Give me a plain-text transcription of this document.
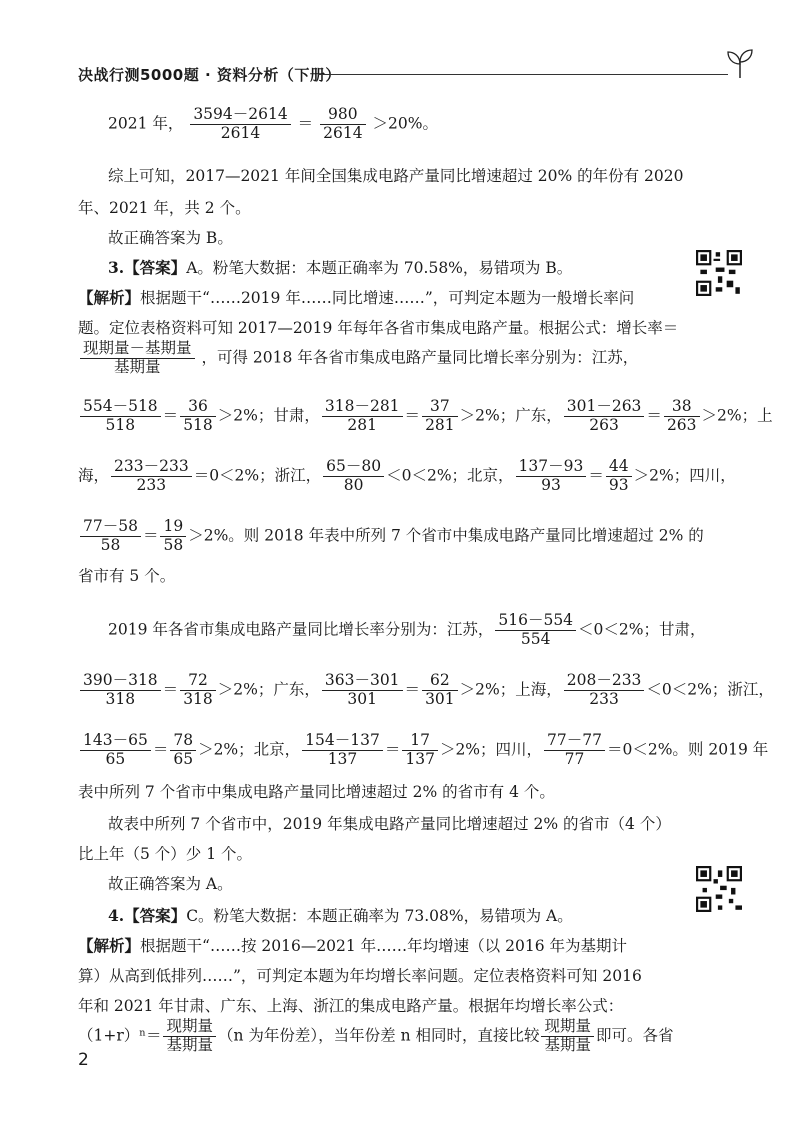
决战行测5000题 · 资料分析（下册）
2021 年， $\frac{3594-2614}{2614} = \frac{980}{2614} >20\%$。
综上可知，2017—2021 年间全国集成电路产量同比增速超过 20% 的年份有 2020
年、2021 年，共 2 个。
故正确答案为 B。
3.【答案】A。粉笔大数据：本题正确率为 70.58%，易错项为 B。
【解析】根据题干“……2019 年……同比增速……”，可判定本题为一般增长率问
题。定位表格资料可知 2017—2019 年每年各省市集成电路产量。根据公式：增长率＝
$\frac{\text{现期量－基期量}}{\text{基期量}}$ ，可得 2018 年各省市集成电路产量同比增长率分别为：江苏，
$\frac{554-518}{518} = \frac{36}{518} >2\%$；甘肃， $\frac{318-281}{281} = \frac{37}{281} >2\%$；广东， $\frac{301-263}{263} = \frac{38}{263} >2\%$；上
海， $\frac{233-233}{233} =0<2\%$；浙江， $\frac{65-80}{80} <0<2\%$；北京， $\frac{137-93}{93} = \frac{44}{93} >2\%$；四川，
$\frac{77-58}{58} = \frac{19}{58} >2\%$。则 2018 年表中所列 7 个省市中集成电路产量同比增速超过 2% 的
省市有 5 个。
2019 年各省市集成电路产量同比增长率分别为：江苏， $\frac{516-554}{554} <0<2\%$；甘肃，
$\frac{390-318}{318} = \frac{72}{318} >2\%$；广东， $\frac{363-301}{301} = \frac{62}{301} >2\%$；上海， $\frac{208-233}{233} <0<2\%$；浙江，
$\frac{143-65}{65} = \frac{78}{65} >2\%$；北京， $\frac{154-137}{137} = \frac{17}{137} >2\%$；四川， $\frac{77-77}{77} =0<2\%$。则 2019 年
表中所列 7 个省市中集成电路产量同比增速超过 2% 的省市有 4 个。
故表中所列 7 个省市中，2019 年集成电路产量同比增速超过 2% 的省市（4 个）
比上年（5 个）少 1 个。
故正确答案为 A。
4.【答案】C。粉笔大数据：本题正确率为 73.08%，易错项为 A。
【解析】根据题干“……按 2016—2021 年……年均增速（以 2016 年为基期计
算）从高到低排列……”，可判定本题为年均增长率问题。定位表格资料可知 2016
年和 2021 年甘肃、广东、上海、浙江的集成电路产量。根据年均增长率公式：
$(1+r)^n= \frac{\text{现期量}}{\text{基期量}} (n$ 为年份差），当年份差 n 相同时，直接比较 $\frac{\text{现期量}}{\text{基期量}}$ 即可。各省
2
